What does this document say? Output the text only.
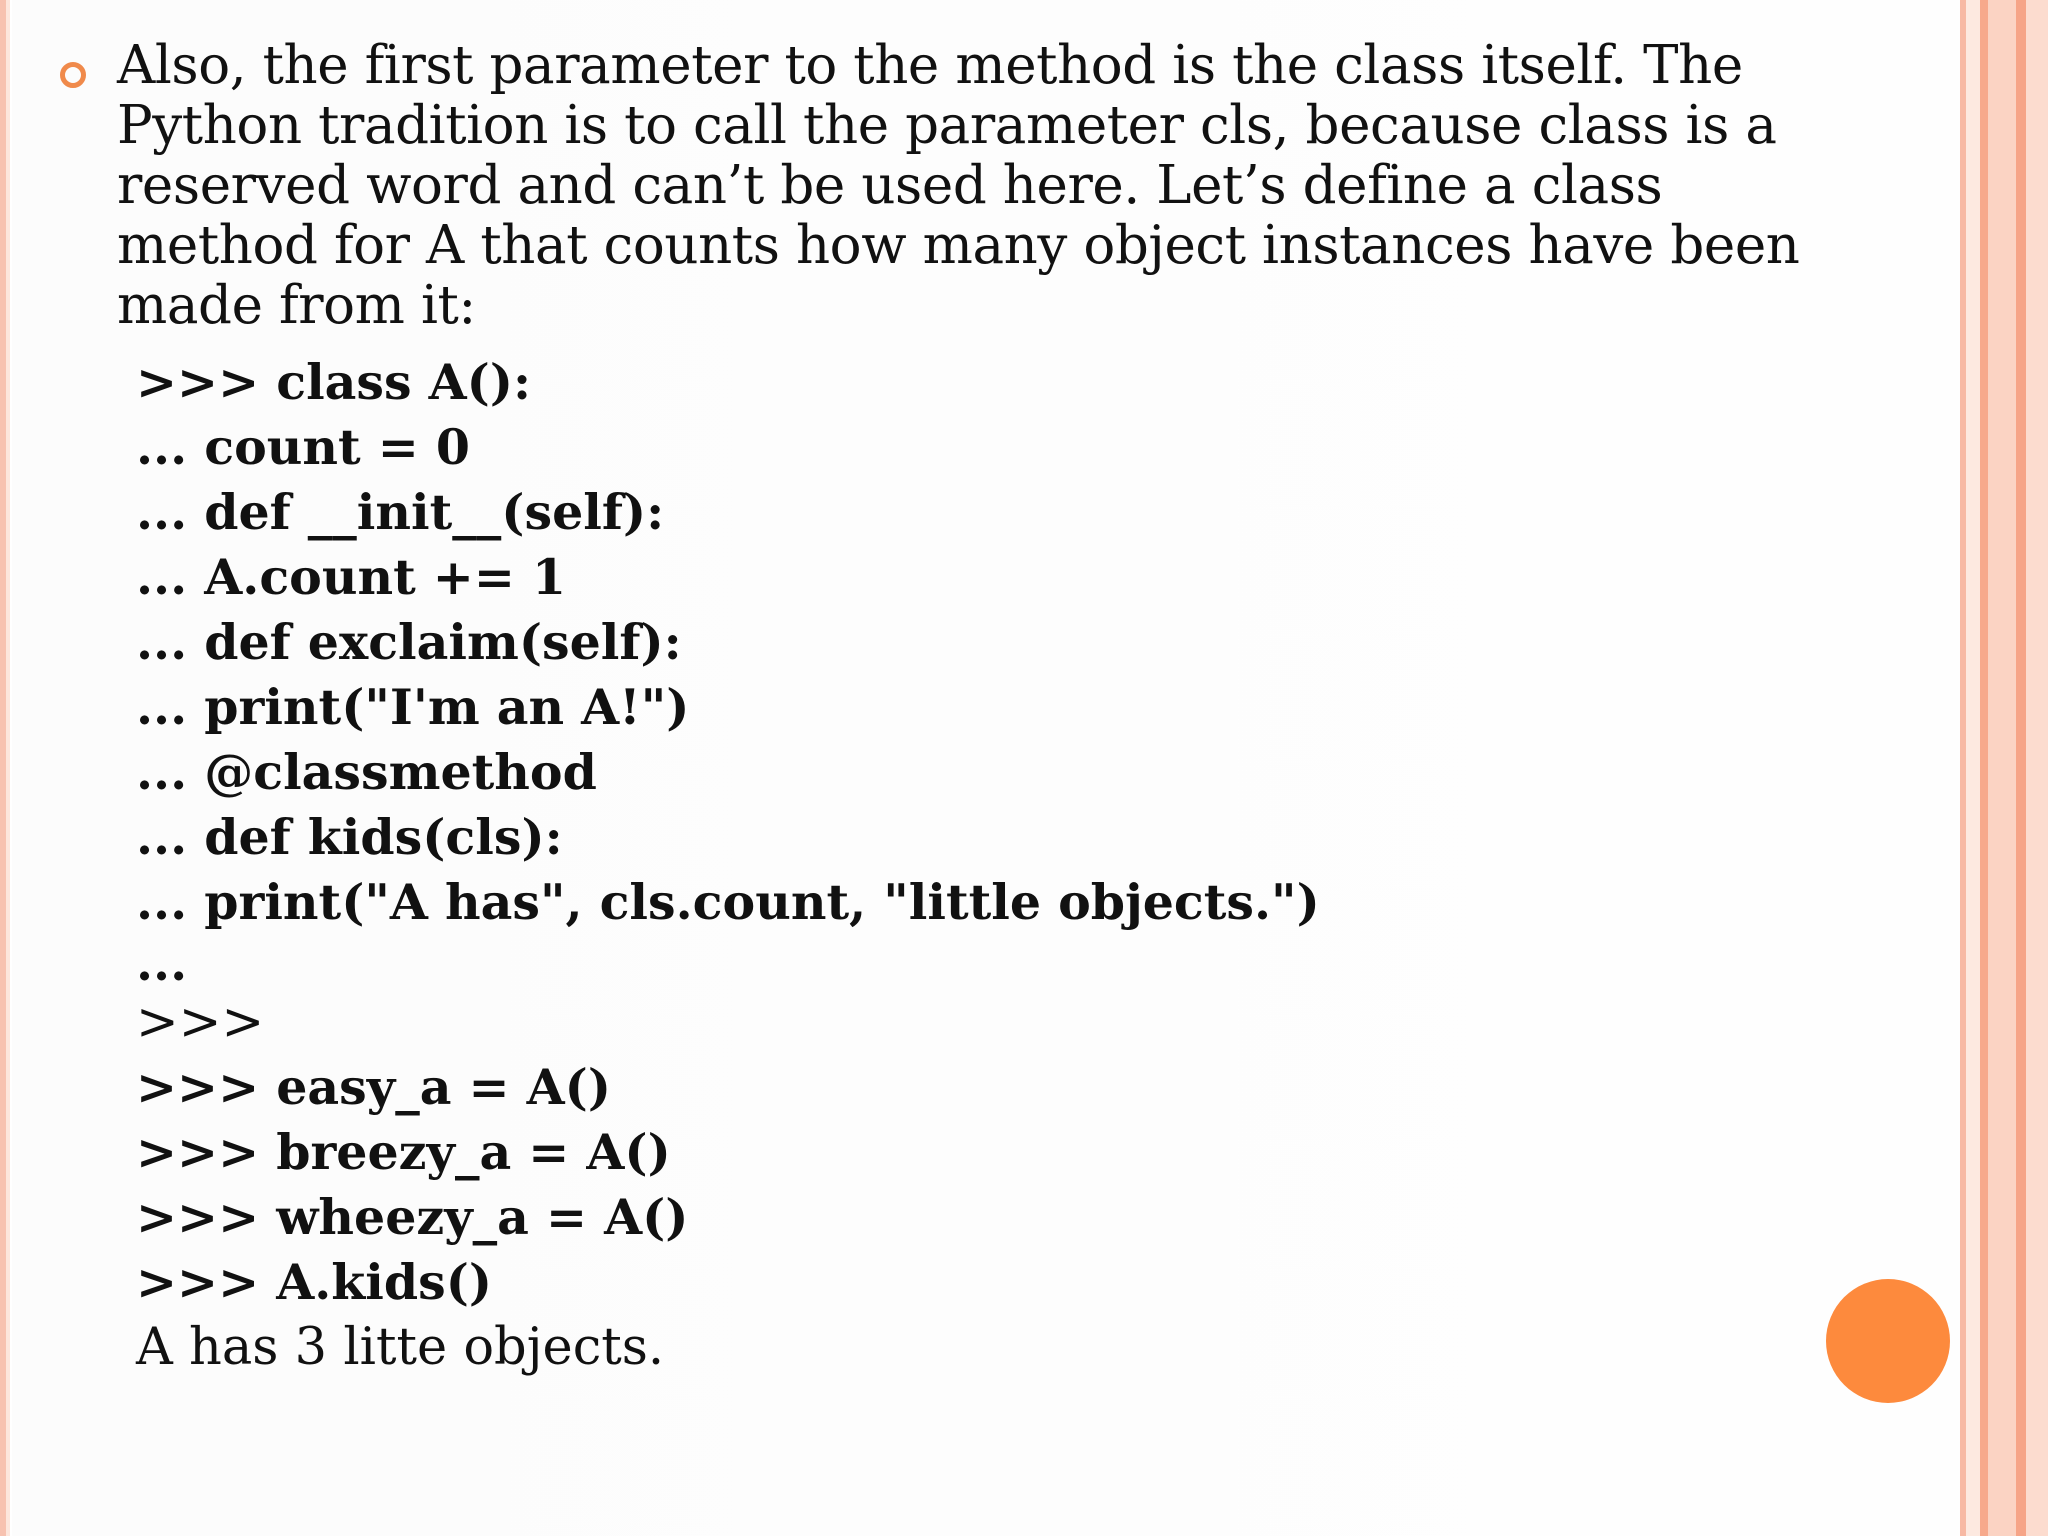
Also, the first parameter to the method is the class itself. The
Python tradition is to call the parameter cls, because class is a
reserved word and can’t be used here. Let’s define a class
method for A that counts how many object instances have been
made from it:

>>> class A():
... count = 0
... def __init__(self):
... A.count += 1
... def exclaim(self):
... print("I'm an A!")
... @classmethod
... def kids(cls):
... print("A has", cls.count, "little objects.")
...
>>>
>>> easy_a = A()
>>> breezy_a = A()
>>> wheezy_a = A()
>>> A.kids()
A has 3 litte objects.
